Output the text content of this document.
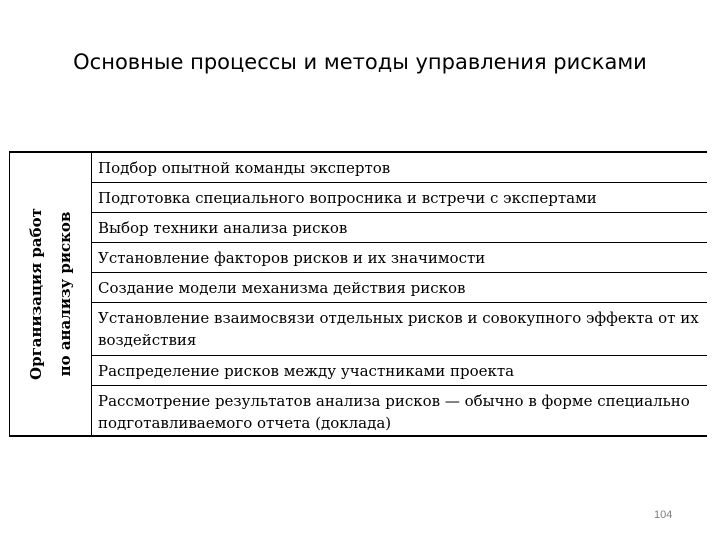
Основные процессы и методы управления рисками
Организация работ по анализу рисков
Подбор опытной команды экспертов
Подготовка специального вопросника и встречи с экспертами
Выбор техники анализа рисков
Установление факторов рисков и их значимости
Создание модели механизма действия рисков
Установление взаимосвязи отдельных рисков и совокупного эффекта от их воздействия
Распределение рисков между участниками проекта
Рассмотрение результатов анализа рисков — обычно в форме специально подготавливаемого отчета (доклада)
104
